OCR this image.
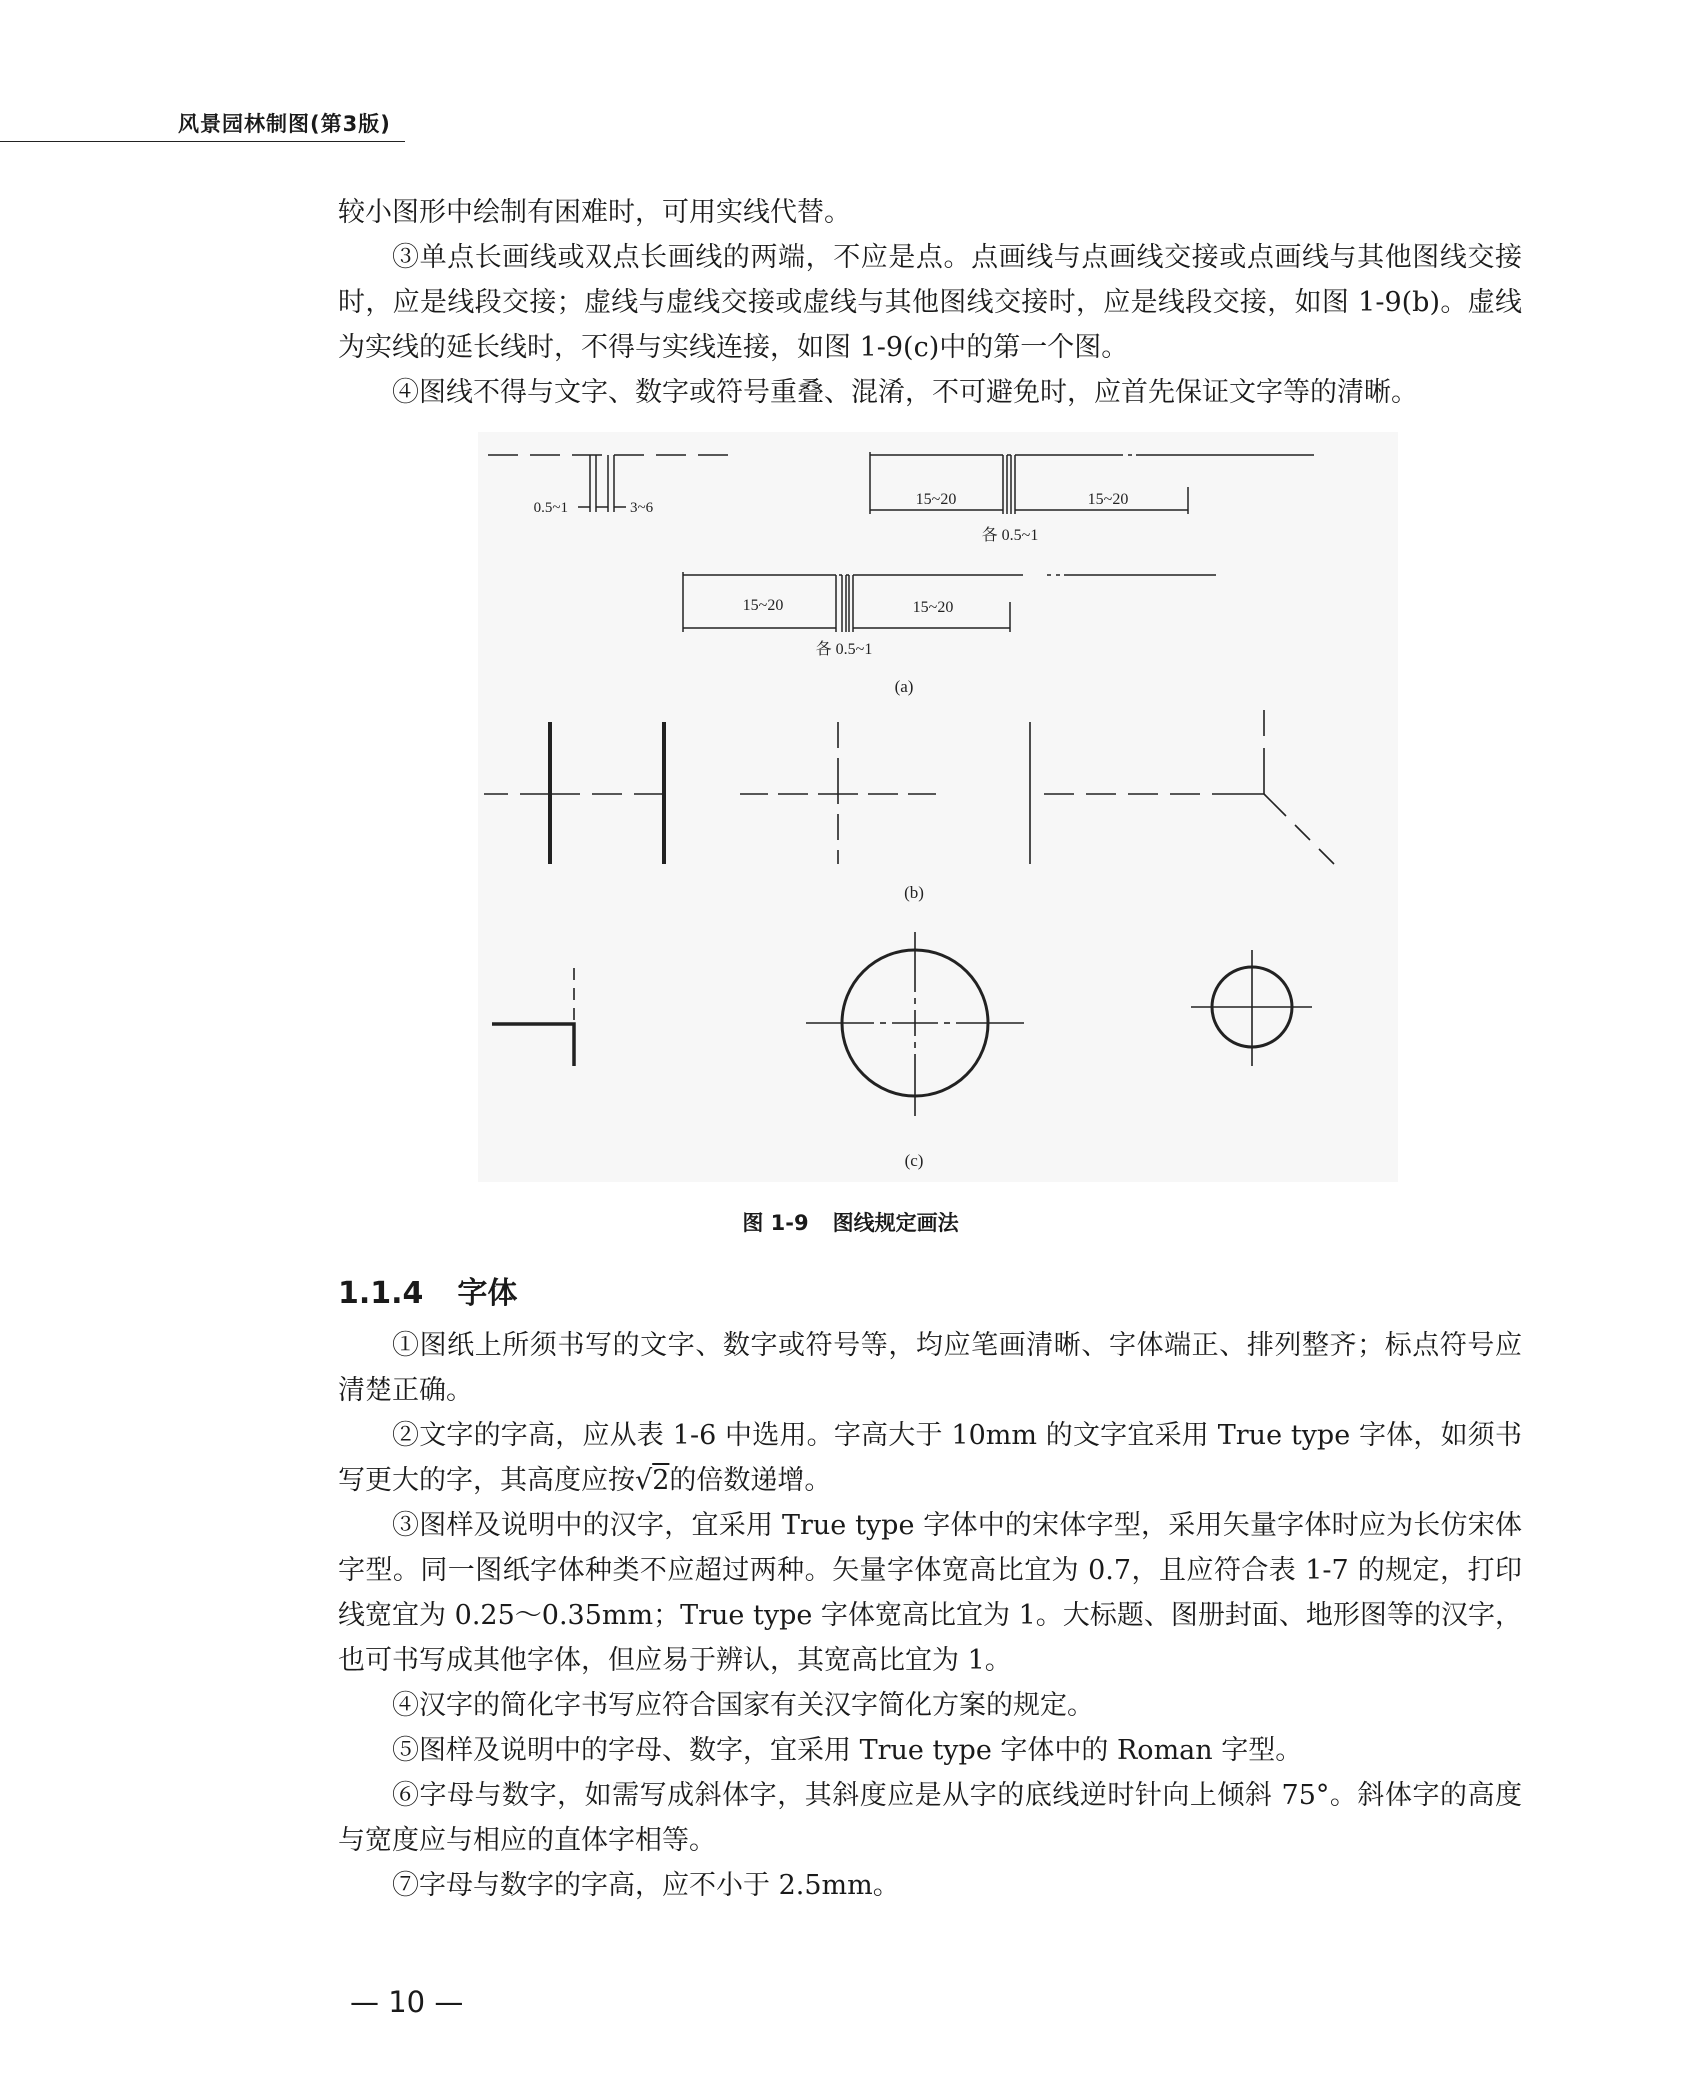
风景园林制图(第3版)

较小图形中绘制有困难时，可用实线代替。

③单点长画线或双点长画线的两端，不应是点。点画线与点画线交接或点画线与其他图线交接时，应是线段交接；虚线与虚线交接或虚线与其他图线交接时，应是线段交接，如图 1-9(b)。虚线为实线的延长线时，不得与实线连接，如图 1-9(c)中的第一个图。

④图线不得与文字、数字或符号重叠、混淆，不可避免时，应首先保证文字等的清晰。

0.5~1	3~6	15~20	15~20
各 0.5~1
15~20	15~20
各 0.5~1
(a)
(b)
(c)
图 1-9 图线规定画法
1.1.4 字体

①图纸上所须书写的文字、数字或符号等，均应笔画清晰、字体端正、排列整齐；标点符号应清楚正确。

②文字的字高，应从表 1-6 中选用。字高大于 10mm 的文字宜采用 True type 字体，如须书写更大的字，其高度应按√2的倍数递增。

③图样及说明中的汉字，宜采用 True type 字体中的宋体字型，采用矢量字体时应为长仿宋体字型。同一图纸字体种类不应超过两种。矢量字体宽高比宜为 0.7，且应符合表 1-7 的规定，打印线宽宜为 0.25～0.35mm；True type 字体宽高比宜为 1。大标题、图册封面、地形图等的汉字，也可书写成其他字体，但应易于辨认，其宽高比宜为 1。

④汉字的简化字书写应符合国家有关汉字简化方案的规定。

⑤图样及说明中的字母、数字，宜采用 True type 字体中的 Roman 字型。

⑥字母与数字，如需写成斜体字，其斜度应是从字的底线逆时针向上倾斜 75°。斜体字的高度与宽度应与相应的直体字相等。

⑦字母与数字的字高，应不小于 2.5mm。

— 10 —
